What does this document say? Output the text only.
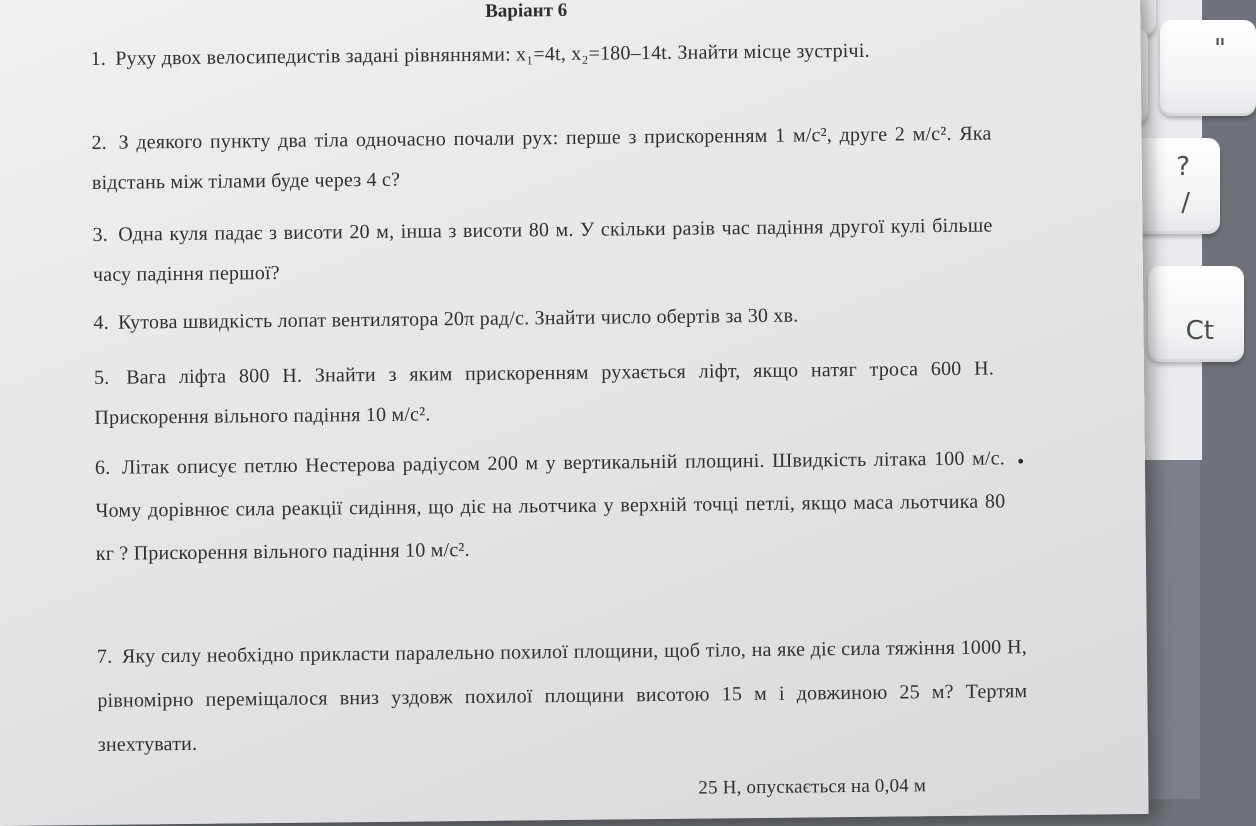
"
?
/
Ct
Варіант 6
1. Руху двох велосипедистів задані рівняннями: x₁=4t, x₂=180–14t. Знайти місце зустрічі.
2. З деякого пункту два тіла одночасно почали рух: перше з прискоренням 1 м/с², друге 2 м/с². Яка відстань між тілами буде через 4 с?
3. Одна куля падає з висоти 20 м, інша з висоти 80 м. У скільки разів час падіння другої кулі більше часу падіння першої?
4. Кутова швидкість лопат вентилятора 20π рад/с. Знайти число обертів за 30 хв.
5. Вага ліфта 800 Н. Знайти з яким прискоренням рухається ліфт, якщо натяг троса 600 Н. Прискорення вільного падіння 10 м/с².
6. Літак описує петлю Нестерова радіусом 200 м у вертикальній площині. Швидкість літака 100 м/с. Чому дорівнює сила реакції сидіння, що діє на льотчика у верхній точці петлі, якщо маса льотчика 80 кг ? Прискорення вільного падіння 10 м/с².
.
7. Яку силу необхідно прикласти паралельно похилої площини, щоб тіло, на яке діє сила тяжіння 1000 Н, рівномірно переміщалося вниз уздовж похилої площини висотою 15 м і довжиною 25 м? Тертям знехтувати.
25 Н, опускається на 0,04 м
